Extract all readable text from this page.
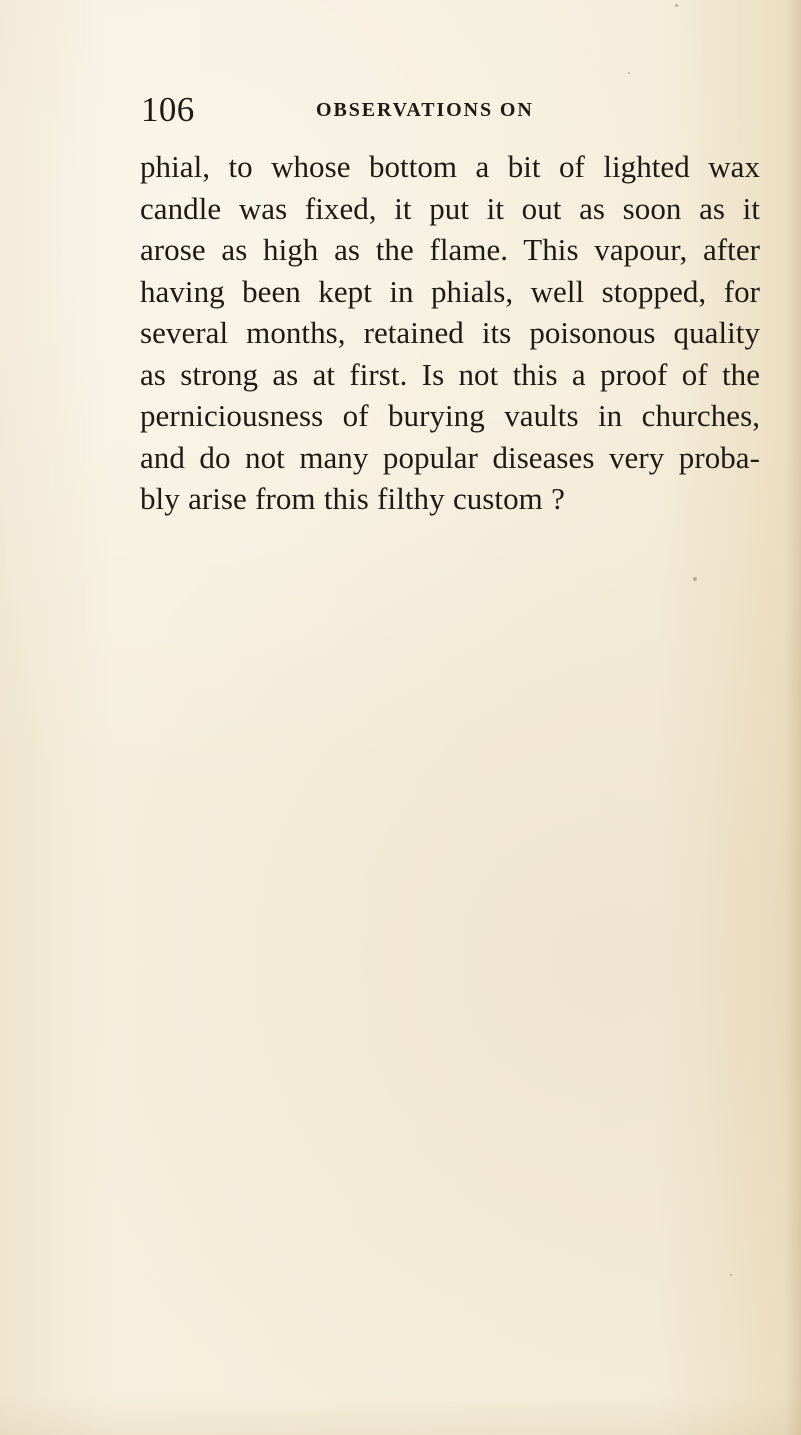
106	OBSERVATIONS ON
phial, to whose bottom a bit of lighted wax
candle was fixed, it put it out as soon as it
arose as high as the flame. This vapour, after
having been kept in phials, well stopped, for
several months, retained its poisonous quality
as strong as at first. Is not this a proof of the
perniciousness of burying vaults in churches,
and do not many popular diseases very proba-
bly arise from this filthy custom ?
